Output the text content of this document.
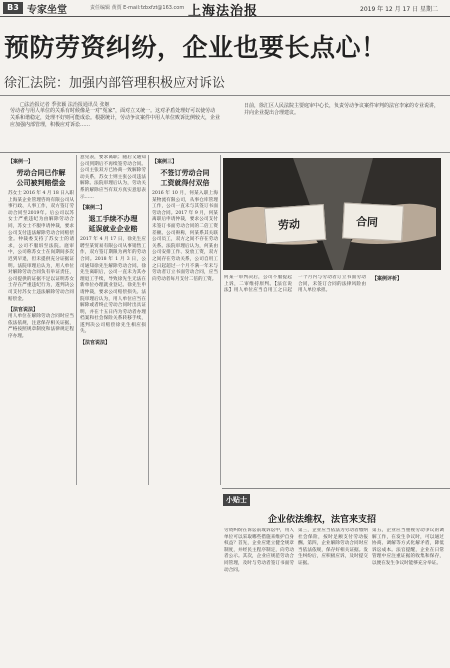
B3 专家坐堂	责任编辑 黄贾 E-mail:fzbxfzt@163.com 上海法治报	2019 年 12 月 17 日 星期二
预防劳资纠纷，企业也要长点心！
徐汇法院：加强内部管理积极应对诉讼
□法治报记者 季张颖 法治报通讯员 张姬
劳动者与用人单位的关系有时候像是一对“冤家”，面对立又统一。这对矛盾处理好可以使劳动关系和谐稳定，处理不好则可能成讼。根据统计，劳动争议案件中用人单位败诉比例较大，企业应加强内部管理，积极应对诉讼……
日前，徐汇区人民法院主要庭审中心长，负责劳动争议案件审判的法官李家的专业说讲，并向企业提出合理建议。
【案例一】
劳动合同已作解
公司被判赔偿金
苏女士 2016 年 4 月 18 日入职上海某企业管理咨询有限公司从事行政、人事工作，双方签订劳动合同至2019年。后公司以苏女士严重违纪为由解除劳动合同，苏女士不服申请仲裁，要求公司支付违法解除劳动合同赔偿金。仲裁委支持了苏女士的请求，公司不服诉至法院。庭审中，公司称苏女士在岗期间多次迟到早退，但未提供充分证据证明。法院审理后认为，用人单位对解除劳动合同负有举证责任，公司提供的证据不足以证明苏女士存在严重违纪行为，遂判决公司支付苏女士违法解除劳动合同赔偿金。
【法官说法】
用人单位在解除劳动合同时应当依法依规，注意保存相关证据，严格按照规章制度和法律规定程序办理。
意见表，要求离职；随后又通知公司到期后不再续签劳动合同。公司主张双方已协商一致解除劳动关系，苏女士则主张公司违法解除。法院审理后认为，劳动关系的解除应当有双方真实意思表示……
【案例二】
退工手续不办理
延误就业企业赔
2017 年 4 月 17 日，徐先生应聘至某贸易有限公司从事销售工作，双方签订期限为两年的劳动合同。2018 年 1 月 3 日，公司通知徐先生解除劳动合同。徐先生离职后，公司一直未为其办理退工手续，导致徐先生无法在新单位办理就业登记。徐先生申请仲裁，要求公司赔偿损失。法院审理后认为，用人单位应当在解除或者终止劳动合同时出具证明，并在十五日内为劳动者办理档案和社会保险关系转移手续，遂判决公司赔偿徐先生相应损失。
【法官说法】
【案例三】
不签订劳动合同
工资就得付双倍
2016 年 10 月，何某入职上海某物流有限公司，从事仓库管理工作，公司一直未与其签订书面劳动合同。2017 年 9 月，何某离职后申请仲裁，要求公司支付未签订书面劳动合同的二倍工资差额。公司辩称，何某系其关联公司员工，双方之间不存在劳动关系。法院审理后认为，何某由公司安排工作、发放工资，双方之间存在劳动关系，公司自用工之日起超过一个月不满一年未与劳动者订立书面劳动合同，应当向劳动者每月支付二倍的工资。
劳动	合同
何某一审判决后，公司不服提起上诉，二审维持原判。【法官说法】用人单位应当自用工之日起一个月内与劳动者订立书面劳动合同，未签订合同的法律风险由用人单位承担。
【案例评析】
小贴士
企业依法维权，法官来支招
劳资纠纷在诉讼前或诉讼中，用人单位可以采取哪些措施来维护自身权益？首先，企业应建立健全规章制度，并经民主程序制定，向劳动者公示。其次，企业应规范劳动合同管理，及时与劳动者签订书面劳动合同。
第三，企业应当依法为劳动者缴纳社会保险，按时足额支付劳动报酬。第四，企业解除劳动合同时应当依法依规，保存好相关证据。发生纠纷后，应积极应诉，及时提交证据。
第五，企业应当重视劳动争议的调解工作，在发生争议时，可以通过协商、调解等方式化解矛盾，降低诉讼成本。法官提醒，企业在日常管理中应注重证据的收集和保存，以便在发生争议时能够充分举证。
